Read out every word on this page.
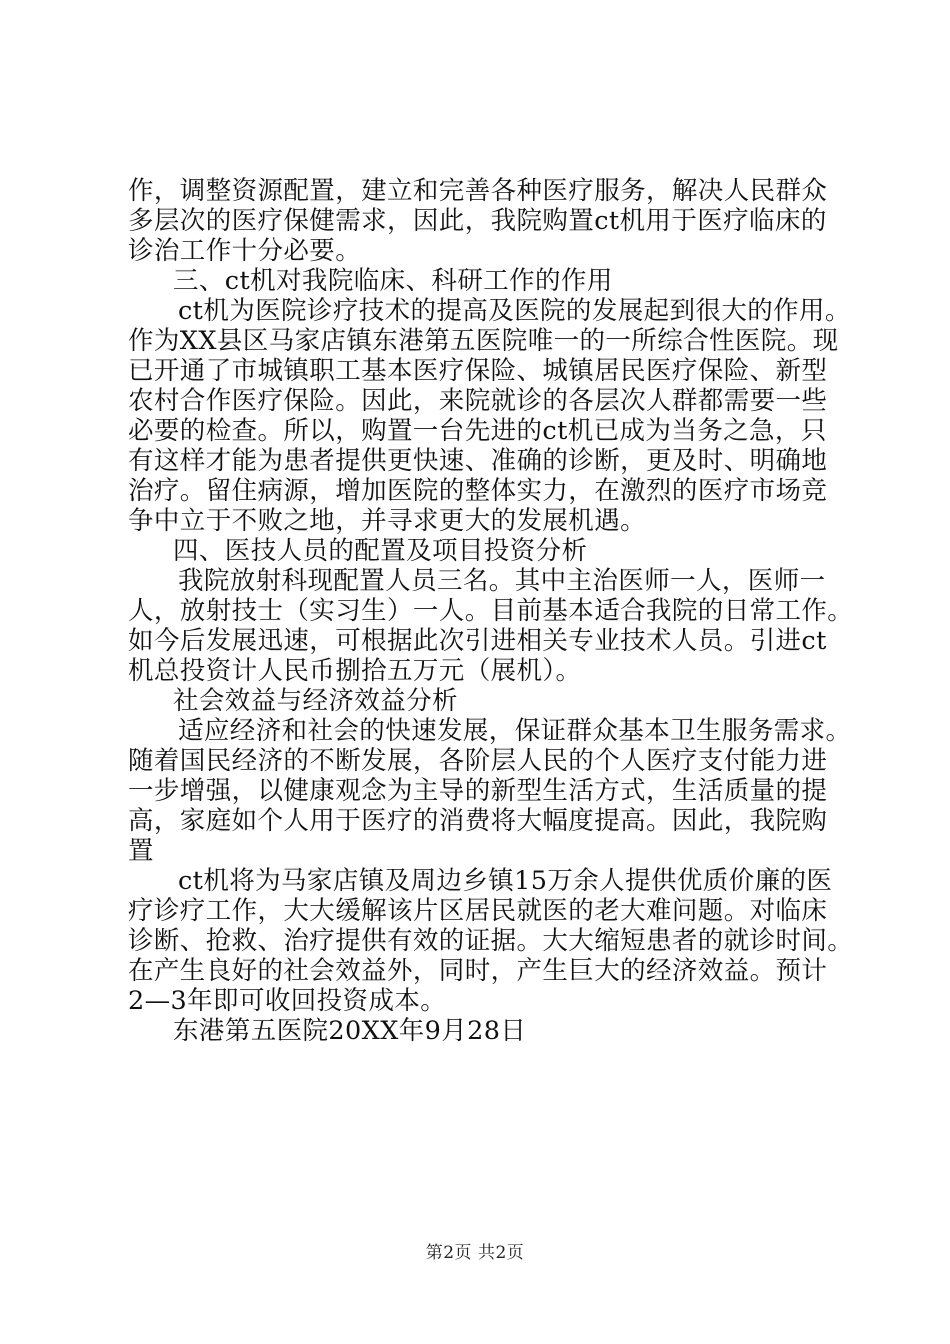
作，调整资源配置，建立和完善各种医疗服务，解决人民群众
多层次的医疗保健需求，因此，我院购置ct机用于医疗临床的
诊治工作十分必要。
三、ct机对我院临床、科研工作的作用
ct机为医院诊疗技术的提高及医院的发展起到很大的作用。
作为XX县区马家店镇东港第五医院唯一的一所综合性医院。现
已开通了市城镇职工基本医疗保险、城镇居民医疗保险、新型
农村合作医疗保险。因此，来院就诊的各层次人群都需要一些
必要的检查。所以，购置一台先进的ct机已成为当务之急，只
有这样才能为患者提供更快速、准确的诊断，更及时、明确地
治疗。留住病源，增加医院的整体实力，在激烈的医疗市场竞
争中立于不败之地，并寻求更大的发展机遇。
四、医技人员的配置及项目投资分析
我院放射科现配置人员三名。其中主治医师一人，医师一
人，放射技士（实习生）一人。目前基本适合我院的日常工作。
如今后发展迅速，可根据此次引进相关专业技术人员。引进ct
机总投资计人民币捌拾五万元（展机）。
社会效益与经济效益分析
适应经济和社会的快速发展，保证群众基本卫生服务需求。
随着国民经济的不断发展，各阶层人民的个人医疗支付能力进
一步增强，以健康观念为主导的新型生活方式，生活质量的提
高，家庭如个人用于医疗的消费将大幅度提高。因此，我院购
置
ct机将为马家店镇及周边乡镇15万余人提供优质价廉的医
疗诊疗工作，大大缓解该片区居民就医的老大难问题。对临床
诊断、抢救、治疗提供有效的证据。大大缩短患者的就诊时间。
在产生良好的社会效益外，同时，产生巨大的经济效益。预计
2—3年即可收回投资成本。
东港第五医院20XX年9月28日
第2页 共2页
